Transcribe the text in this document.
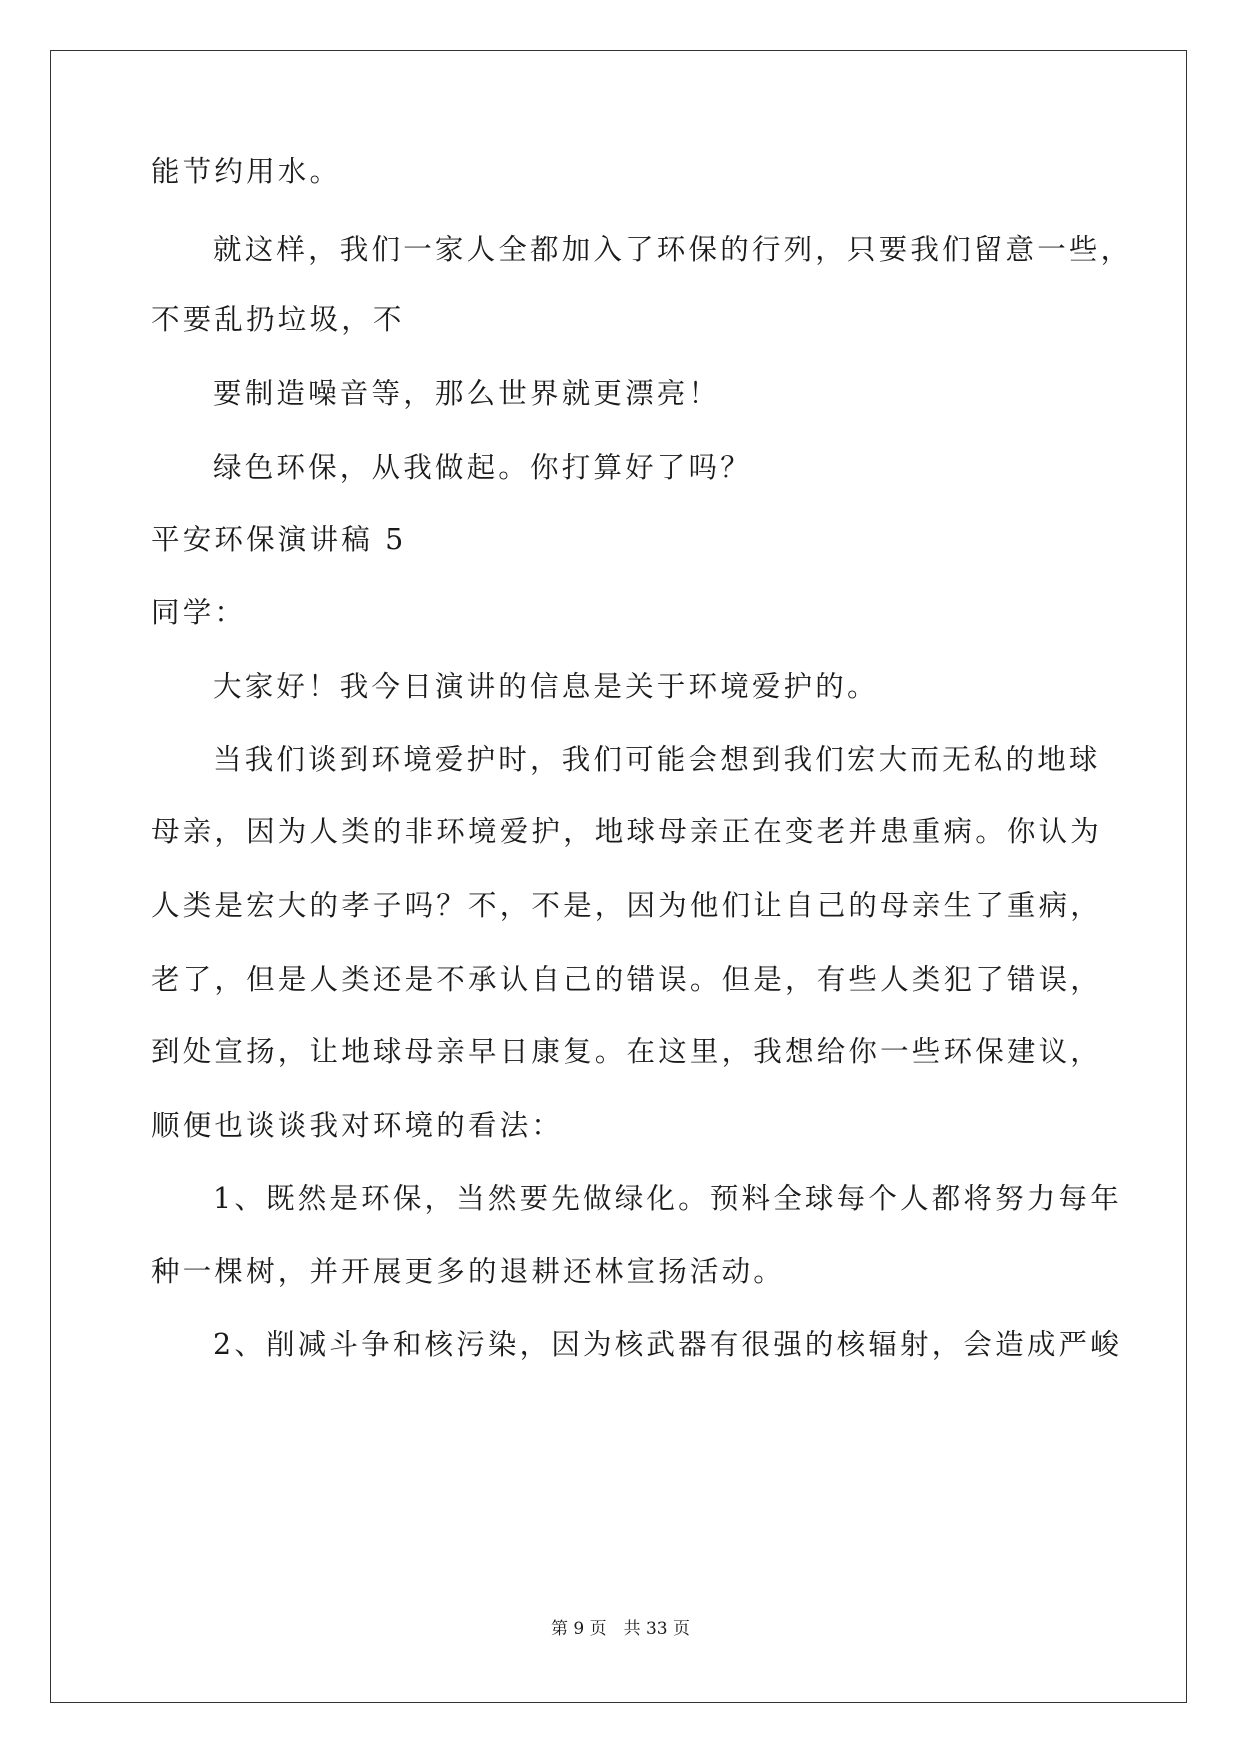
能节约用水。
就这样，我们一家人全都加入了环保的行列，只要我们留意一些，
不要乱扔垃圾，不
要制造噪音等，那么世界就更漂亮！
绿色环保，从我做起。你打算好了吗？
平安环保演讲稿 5
同学：
大家好！我今日演讲的信息是关于环境爱护的。
当我们谈到环境爱护时，我们可能会想到我们宏大而无私的地球
母亲，因为人类的非环境爱护，地球母亲正在变老并患重病。你认为
人类是宏大的孝子吗？不，不是，因为他们让自己的母亲生了重病，
老了，但是人类还是不承认自己的错误。但是，有些人类犯了错误，
到处宣扬，让地球母亲早日康复。在这里，我想给你一些环保建议，
顺便也谈谈我对环境的看法：
1、既然是环保，当然要先做绿化。预料全球每个人都将努力每年
种一棵树，并开展更多的退耕还林宣扬活动。
2、削减斗争和核污染，因为核武器有很强的核辐射，会造成严峻
第 9 页　共 33 页
